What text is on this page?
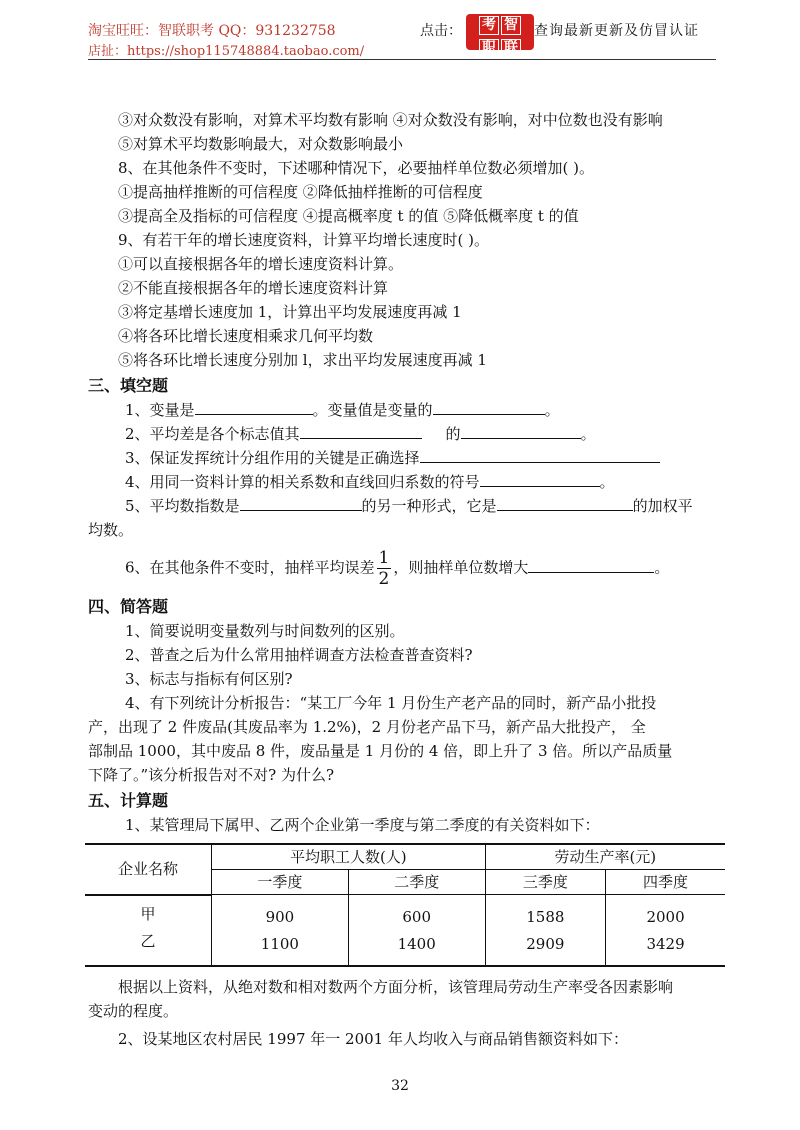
淘宝旺旺：智联职考 QQ：931232758
店扯：https://shop115748884.taobao.com/
点击：	考 智
职 联
查询最新更新及仿冒认证
③对众数没有影响，对算术平均数有影响 ④对众数没有影响，对中位数也没有影响
⑤对算术平均数影响最大，对众数影响最小
8、在其他条件不变时，下述哪种情况下，必要抽样单位数必须增加( )。
①提高抽样推断的可信程度 ②降低抽样推断的可信程度
③提高全及指标的可信程度 ④提高概率度 t 的值 ⑤降低概率度 t 的值
9、有若干年的增长速度资料，计算平均增长速度时( )。
①可以直接根据各年的增长速度资料计算。
②不能直接根据各年的增长速度资料计算
③将定基增长速度加 1，计算出平均发展速度再减 1
④将各环比增长速度相乘求几何平均数
⑤将各环比增长速度分别加 l，求出平均发展速度再减 1
三、填空题
1、变量是	。变量值是变量的	。
2、平均差是各个标志值其	的	。
3、保证发挥统计分组作用的关键是正确选择
4、用同一资料计算的相关系数和直线回归系数的符号	。
5、平均数指数是	的另一种形式，它是	的加权平
均数。
6、在其他条件不变时，抽样平均误差 $\frac{1}{2}$ ，则抽样单位数增大	。
四、简答题
1、简要说明变量数列与时间数列的区别。
2、普查之后为什么常用抽样调查方法检查普查资料?
3、标志与指标有何区别?
4、有下列统计分析报告：“某工厂今年 1 月份生产老产品的同时，新产品小批投
产，出现了 2 件废品(其废品率为 1.2%)，2 月份老产品下马，新产品大批投产， 全
部制品 1000，其中废品 8 件，废品量是 1 月份的 4 倍，即上升了 3 倍。所以产品质量
下降了。”该分析报告对不对? 为什么?
五、计算题
1、某管理局下属甲、乙两个企业第一季度与第二季度的有关资料如下：
企业名称	平均职工人数(人)		劳动生产率(元)	
	一季度	二季度	三季度	四季度
甲	900	600	1588	2000
乙	1100	1400	2909	3429
根据以上资料，从绝对数和相对数两个方面分析，该管理局劳动生产率受各因素影响
变动的程度。
2、设某地区农村居民 1997 年一 2001 年人均收入与商品销售额资料如下：
32
